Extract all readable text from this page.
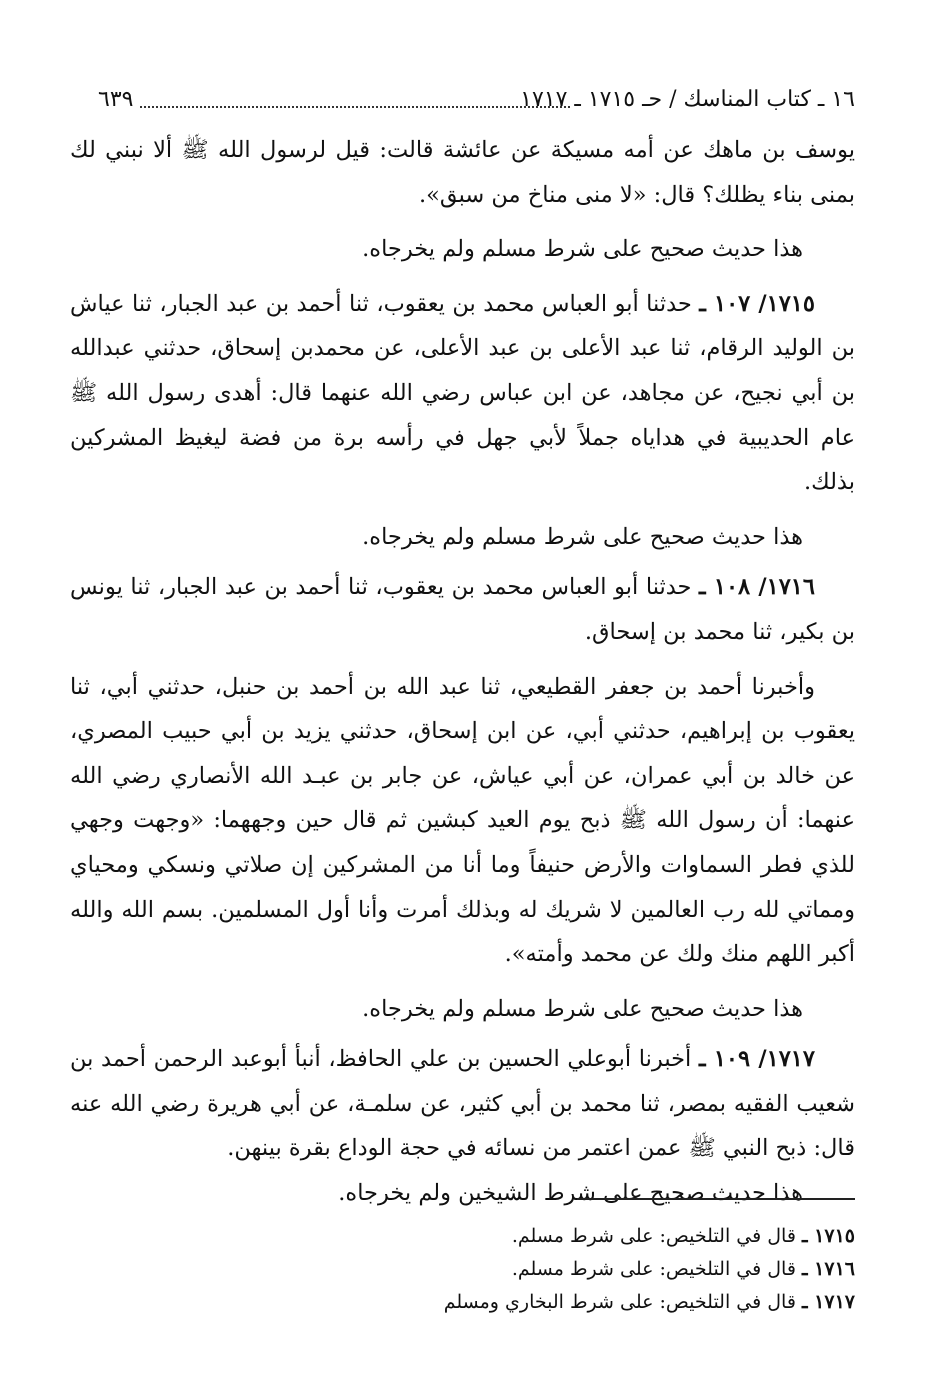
١٦ ـ كتاب المناسك / حـ ١٧١٥ ـ ١٧١٧
٦٣٩

يوسف بن ماهك عن أمه مسيكة عن عائشة قالت: قيل لرسول الله ﷺ ألا نبني لك بمنى بناء يظلك؟ قال: «لا منى مناخ من سبق».

هذا حديث صحيح على شرط مسلم ولم يخرجاه.

١٧١٥/ ١٠٧ ـ حدثنا أبو العباس محمد بن يعقوب، ثنا أحمد بن عبد الجبار، ثنا عياش بن الوليد الرقام، ثنا عبد الأعلى بن عبد الأعلى، عن محمدبن إسحاق، حدثني عبدالله بن أبي نجيح، عن مجاهد، عن ابن عباس رضي الله عنهما قال: أهدى رسول الله ﷺ عام الحديبية في هداياه جملاً لأبي جهل في رأسه برة من فضة ليغيظ المشركين بذلك.

هذا حديث صحيح على شرط مسلم ولم يخرجاه.

١٧١٦/ ١٠٨ ـ حدثنا أبو العباس محمد بن يعقوب، ثنا أحمد بن عبد الجبار، ثنا يونس بن بكير، ثنا محمد بن إسحاق.

وأخبرنا أحمد بن جعفر القطيعي، ثنا عبد الله بن أحمد بن حنبل، حدثني أبي، ثنا يعقوب بن إبراهيم، حدثني أبي، عن ابن إسحاق، حدثني يزيد بن أبي حبيب المصري، عن خالد بن أبي عمران، عن أبي عياش، عن جابر بن عبـد الله الأنصاري رضي الله عنهما: أن رسول الله ﷺ ذبح يوم العيد كبشين ثم قال حين وجههما: «وجهت وجهي للذي فطر السماوات والأرض حنيفاً وما أنا من المشركين إن صلاتي ونسكي ومحياي ومماتي لله رب العالمين لا شريك له وبذلك أمرت وأنا أول المسلمين. بسم الله والله أكبر اللهم منك ولك عن محمد وأمته».

هذا حديث صحيح على شرط مسلم ولم يخرجاه.

١٧١٧/ ١٠٩ ـ أخبرنا أبوعلي الحسين بن علي الحافظ، أنبأ أبوعبد الرحمن أحمد بن شعيب الفقيه بمصر، ثنا محمد بن أبي كثير، عن سلمـة، عن أبي هريرة رضي الله عنه قال: ذبح النبي ﷺ عمن اعتمر من نسائه في حجة الوداع بقرة بينهن.

هذا حديث صحيح على شرط الشيخين ولم يخرجاه.

١٧١٥ ـ قال في التلخيص: على شرط مسلم.

١٧١٦ ـ قال في التلخيص: على شرط مسلم.

١٧١٧ ـ قال في التلخيص: على شرط البخاري ومسلم
